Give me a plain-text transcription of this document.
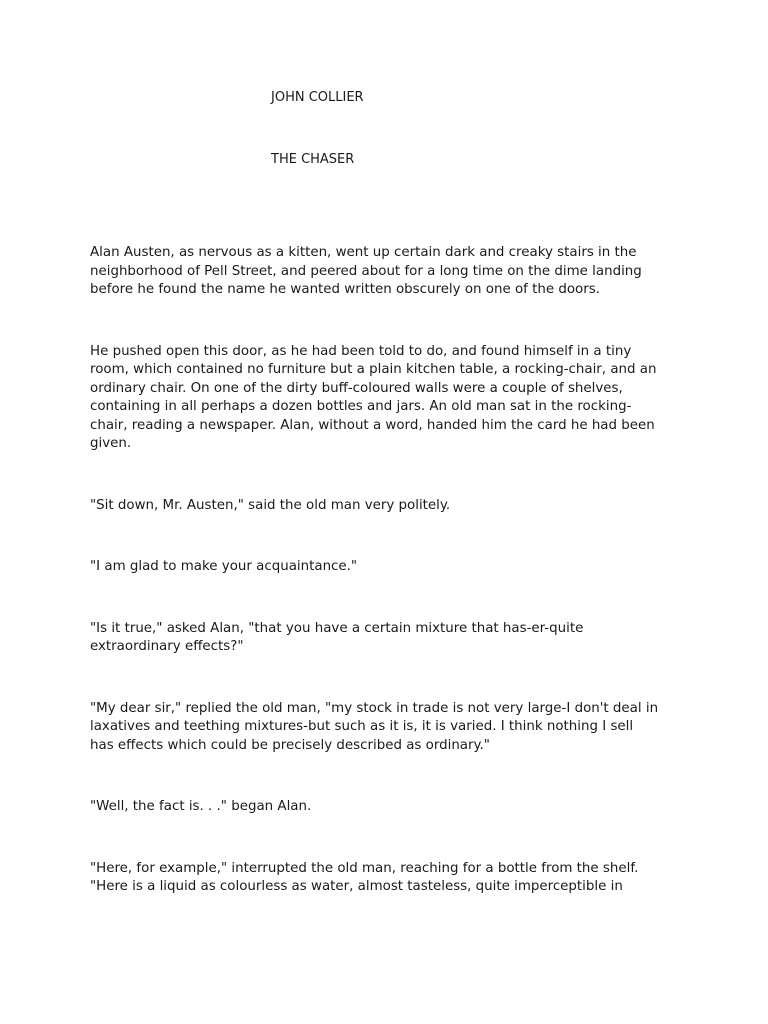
JOHN COLLIER

THE CHASER

Alan Austen, as nervous as a kitten, went up certain dark and creaky stairs in the
neighborhood of Pell Street, and peered about for a long time on the dime landing
before he found the name he wanted written obscurely on one of the doors.

He pushed open this door, as he had been told to do, and found himself in a tiny
room, which contained no furniture but a plain kitchen table, a rocking-chair, and an
ordinary chair. On one of the dirty buff-coloured walls were a couple of shelves,
containing in all perhaps a dozen bottles and jars. An old man sat in the rocking-
chair, reading a newspaper. Alan, without a word, handed him the card he had been
given.

"Sit down, Mr. Austen," said the old man very politely.

"I am glad to make your acquaintance."

"Is it true," asked Alan, "that you have a certain mixture that has-er-quite
extraordinary effects?"

"My dear sir," replied the old man, "my stock in trade is not very large-I don't deal in
laxatives and teething mixtures-but such as it is, it is varied. I think nothing I sell
has effects which could be precisely described as ordinary."

"Well, the fact is. . ." began Alan.

"Here, for example," interrupted the old man, reaching for a bottle from the shelf.
"Here is a liquid as colourless as water, almost tasteless, quite imperceptible in
